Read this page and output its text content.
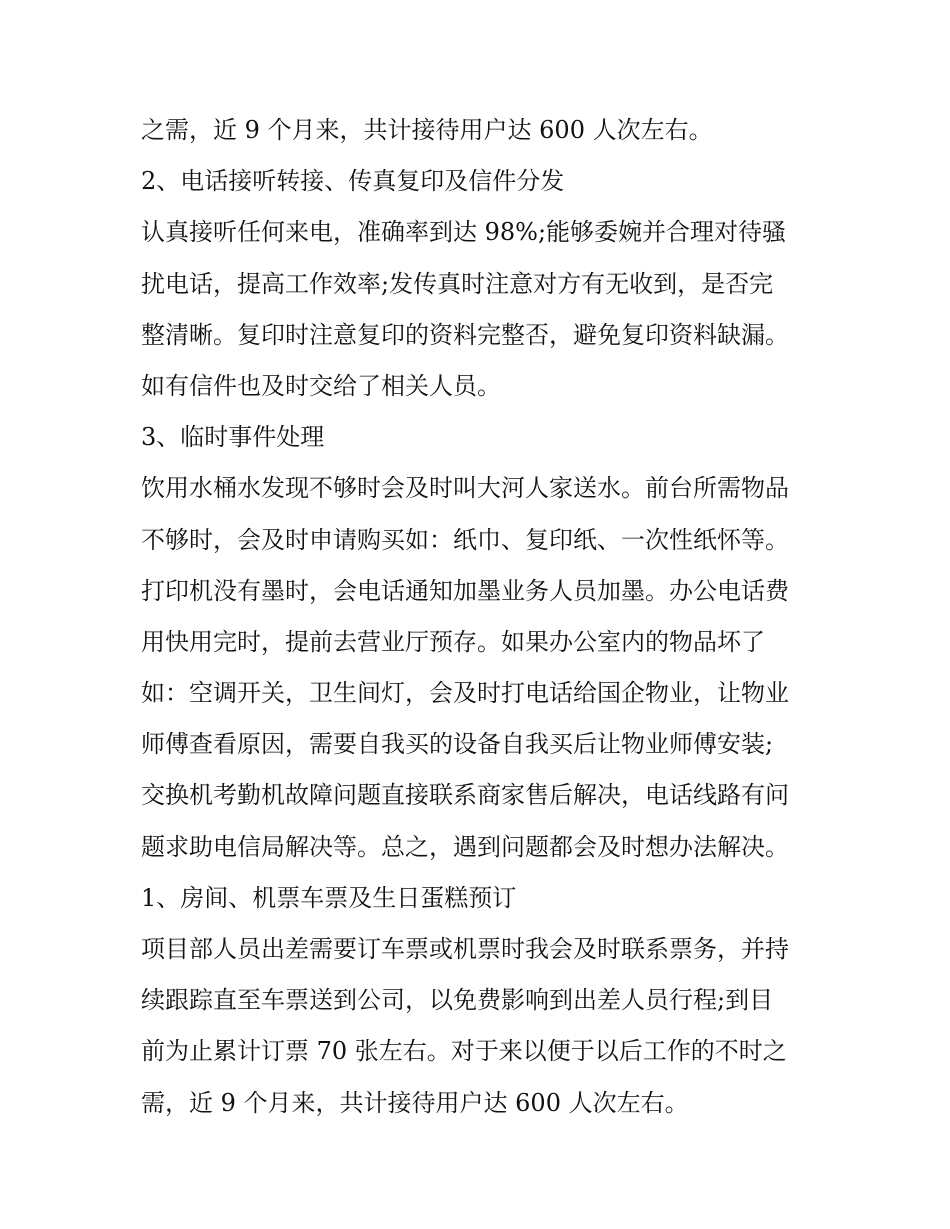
之需，近 9 个月来，共计接待用户达 600 人次左右。

2、电话接听转接、传真复印及信件分发

认真接听任何来电，准确率到达 98%;能够委婉并合理对待骚

扰电话，提高工作效率;发传真时注意对方有无收到，是否完

整清晰。复印时注意复印的资料完整否，避免复印资料缺漏。

如有信件也及时交给了相关人员。

3、临时事件处理

饮用水桶水发现不够时会及时叫大河人家送水。前台所需物品

不够时，会及时申请购买如：纸巾、复印纸、一次性纸怀等。

打印机没有墨时，会电话通知加墨业务人员加墨。办公电话费

用快用完时，提前去营业厅预存。如果办公室内的物品坏了

如：空调开关，卫生间灯，会及时打电话给国企物业，让物业

师傅查看原因，需要自我买的设备自我买后让物业师傅安装;

交换机考勤机故障问题直接联系商家售后解决，电话线路有问

题求助电信局解决等。总之，遇到问题都会及时想办法解决。

1、房间、机票车票及生日蛋糕预订

项目部人员出差需要订车票或机票时我会及时联系票务，并持

续跟踪直至车票送到公司，以免费影响到出差人员行程;到目

前为止累计订票 70 张左右。对于来以便于以后工作的不时之

需，近 9 个月来，共计接待用户达 600 人次左右。
